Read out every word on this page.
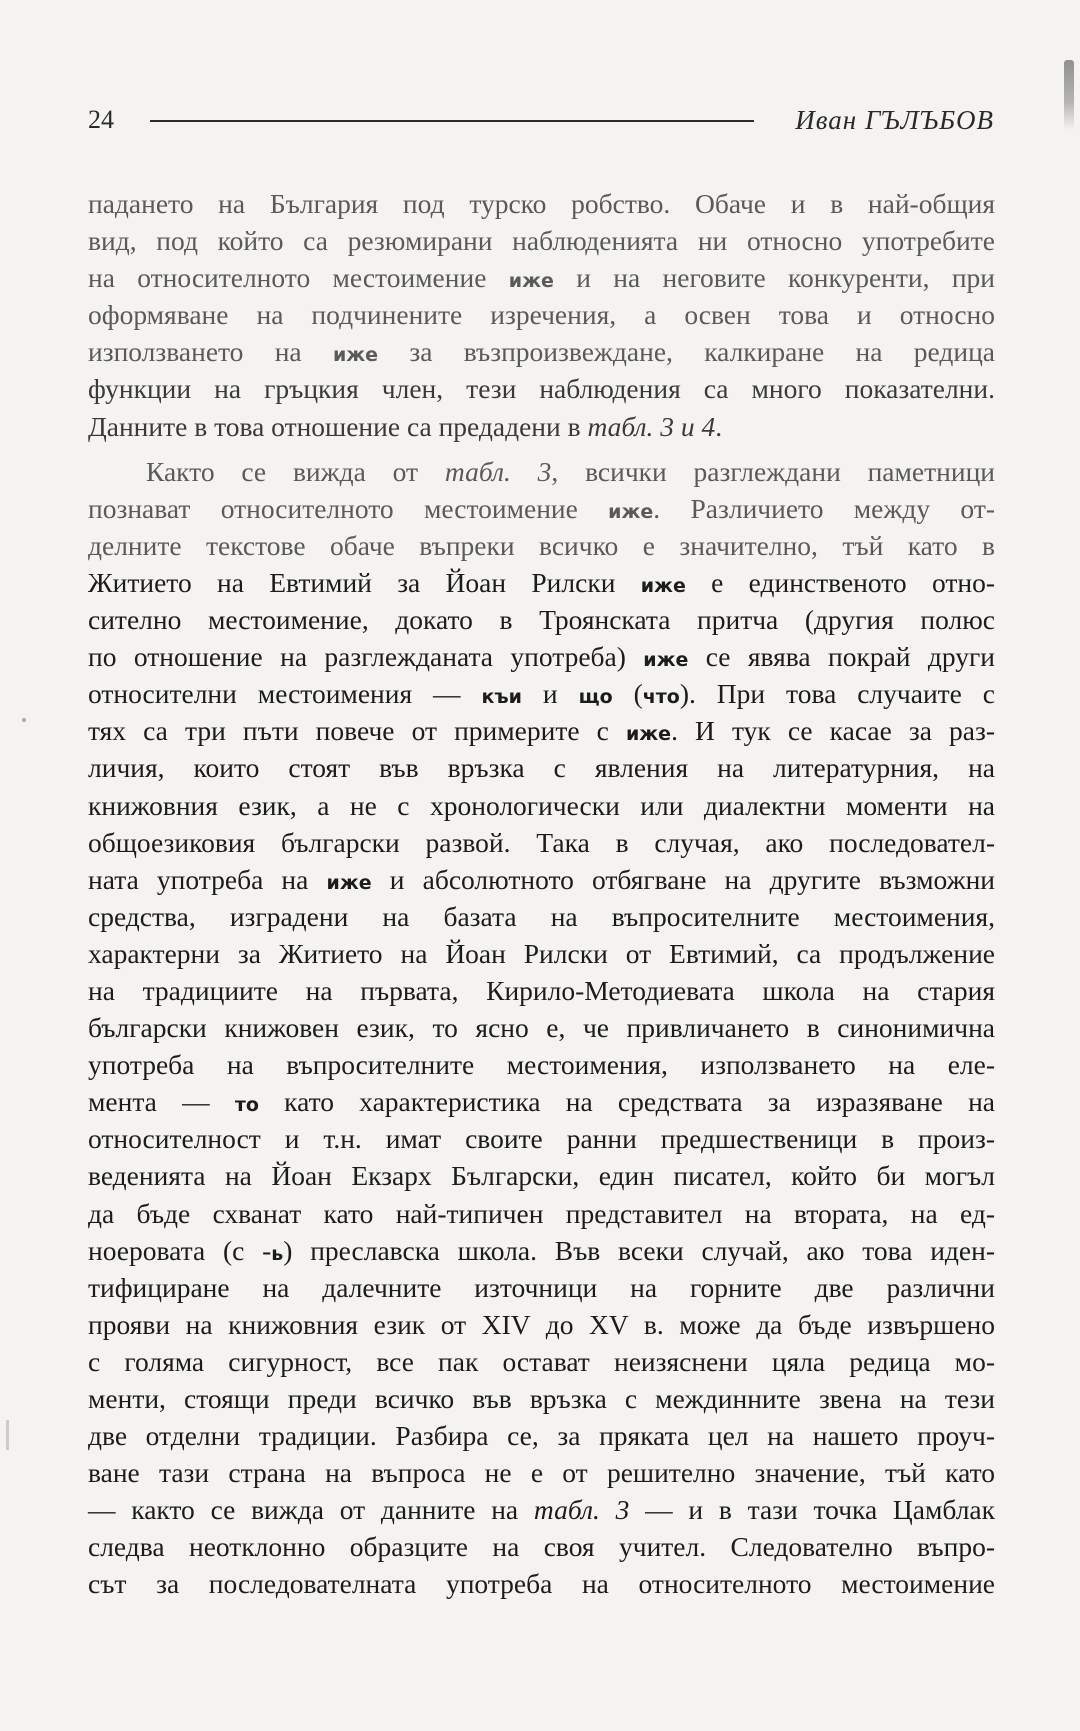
24	Иван ГЪЛЪБОВ
падането на България под турско робство. Обаче и в най-общия
вид, под който са резюмирани наблюденията ни относно употребите
на относителното местоимение иже и на неговите конкуренти, при
оформяване на подчинените изречения, а освен това и относно
използването на иже за възпроизвеждане, калкиране на редица
функции на гръцкия член, тези наблюдения са много показателни.
Данните в това отношение са предадени в табл. 3 и 4.
Както се вижда от табл. 3, всички разглеждани паметници
познават относителното местоимение иже. Различието между от-
делните текстове обаче въпреки всичко е значително, тъй като в
Житието на Евтимий за Йоан Рилски иже е единственото отно-
сително местоимение, докато в Троянската притча (другия полюс
по отношение на разглежданата употреба) иже се явява покрай други
относителни местоимения — къи и що (что). При това случаите с
тях са три пъти повече от примерите с иже. И тук се касае за раз-
личия, които стоят във връзка с явления на литературния, на
книжовния език, а не с хронологически или диалектни моменти на
общоезиковия български развой. Така в случая, ако последовател-
ната употреба на иже и абсолютното отбягване на другите възможни
средства, изградени на базата на въпросителните местоимения,
характерни за Житието на Йоан Рилски от Евтимий, са продължение
на традициите на първата, Кирило-Методиевата школа на стария
български книжовен език, то ясно е, че привличането в синонимична
употреба на въпросителните местоимения, използването на еле-
мента — то като характеристика на средствата за изразяване на
относителност и т.н. имат своите ранни предшественици в произ-
веденията на Йоан Екзарх Български, един писател, който би могъл
да бъде схванат като най-типичен представител на втората, на ед-
ноеровата (с -ь) преславска школа. Във всеки случай, ако това иден-
тифициране на далечните източници на горните две различни
прояви на книжовния език от XIV до XV в. може да бъде извършено
с голяма сигурност, все пак остават неизяснени цяла редица мо-
менти, стоящи преди всичко във връзка с междинните звена на тези
две отделни традиции. Разбира се, за пряката цел на нашето проуч-
ване тази страна на въпроса не е от решително значение, тъй като
— както се вижда от данните на табл. 3 — и в тази точка Цамблак
следва неотклонно образците на своя учител. Следователно въпро-
сът за последователната употреба на относителното местоимение
